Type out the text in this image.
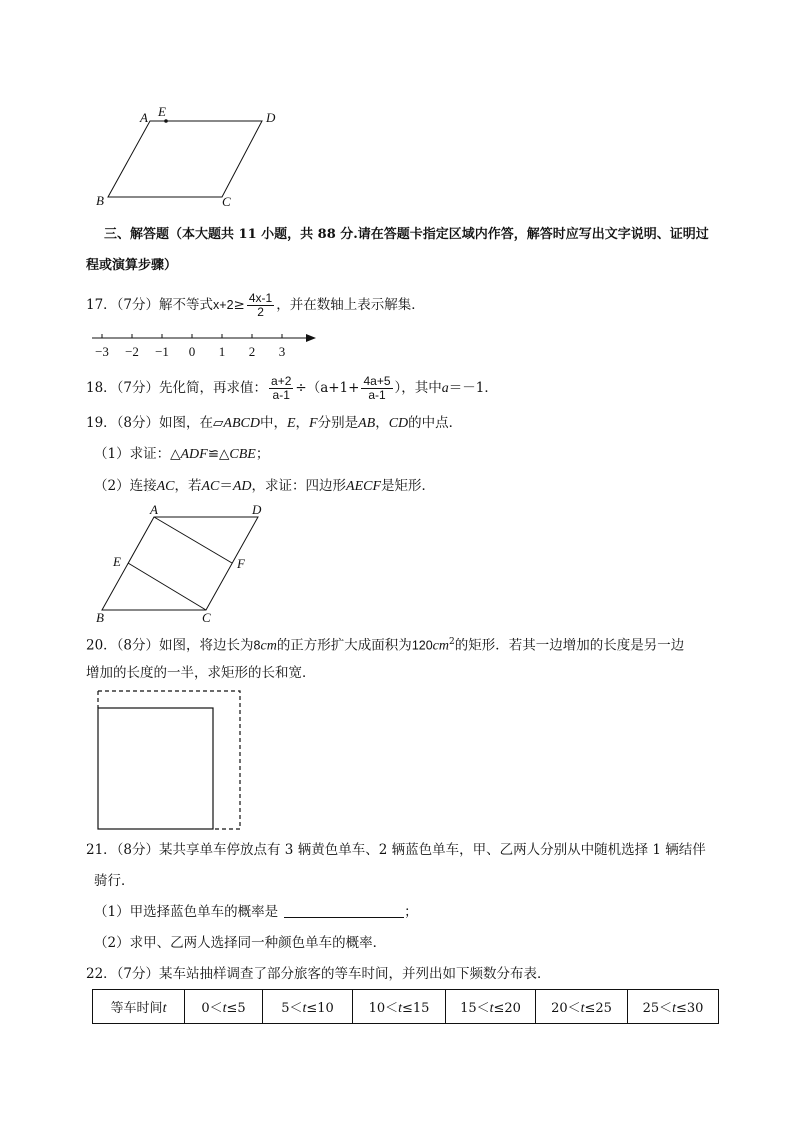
A E	D
B	C
三、解答题（本大题共 11 小题，共 88 分.请在答题卡指定区域内作答，解答时应写出文字说明、证明过
程或演算步骤）
17．（7分）解不等式$x+2\ge \frac{4x-1}{2}$ ，并在数轴上表示解集．
−3 −2 −1 0 1 2 3
18．（7分）先化简，再求值： $\frac{a+2}{a-1} \div(a+1+ \frac{4a+5}{a-1}$ ），其中a＝－1．
19．（8分）如图，在▱ABCD中，E，F分别是AB，CD的中点．
（1）求证：△ADF≌△CBE；
（2）连接AC，若AC＝AD，求证：四边形AECF是矩形．
A	D
E	F
B	C
20．（8分）如图，将边长为8cm的正方形扩大成面积为$120cm^2$的矩形．若其一边增加的长度是另一边
增加的长度的一半，求矩形的长和宽．
21．（8分）某共享单车停放点有 3 辆黄色单车、2 辆蓝色单车，甲、乙两人分别从中随机选择 1 辆结伴
骑行．
（1）甲选择蓝色单车的概率是	；
（2）求甲、乙两人选择同一种颜色单车的概率．
22．（7分）某车站抽样调查了部分旅客的等车时间，并列出如下频数分布表．
等车时间t	0＜t≤5	5＜t≤10	10＜t≤15	15＜t≤20	20＜t≤25	25＜t≤30
